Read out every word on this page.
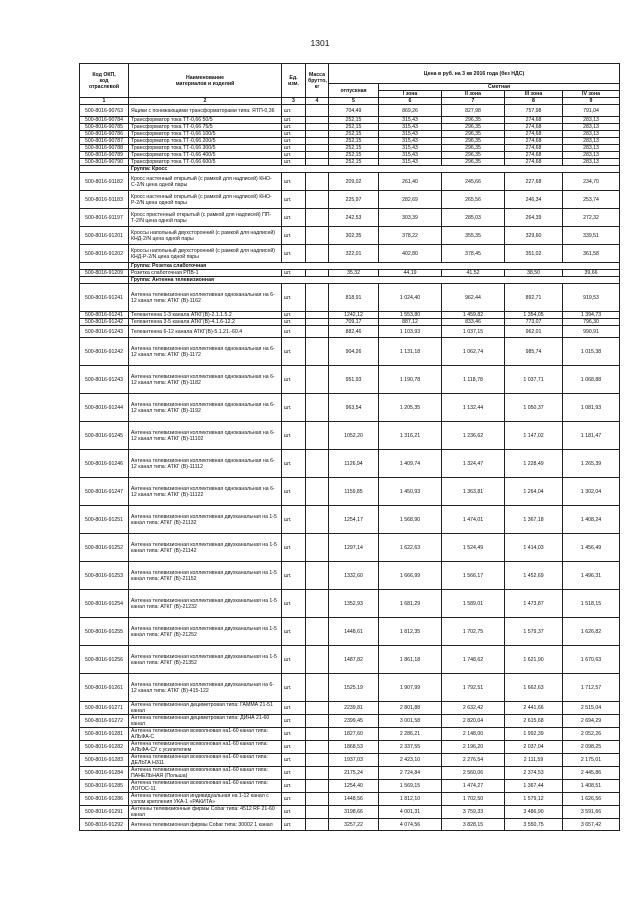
1301
Код ОКП,
код
отраслевой	Наименование
материалов и изделий	Ед.
изм.	Масса
брутто,
кг	Цена в руб. на 3 кв 2016 года (без НДС)				
				отпускная	Сметная			
					I зона	II зона	III зона	IV зона
1	2	3	4	5	6	7	8	9
500-8016-90763	Ящики с понижающими трансформаторами типа: ЯТП-0,36	шт.		704,49	869,26	827,98	757,98	791,04
500-8016-90784	Трансформатор тока ТТ-0,66 50/5	шт.		252,15	315,43	296,35	274,68	283,13
500-8016-90785	Трансформатор тока ТТ-0,66 75/5	шт.		252,15	315,43	296,35	274,68	283,13
500-8016-90786	Трансформатор тока ТТ-0,66 100/5	шт.		252,15	315,43	296,35	274,68	283,13
500-8016-90787	Трансформатор тока ТТ-0,66 200/5	шт.		252,15	315,43	296,35	274,68	283,13
500-8016-90788	Трансформатор тока ТТ-0,66 300/5	шт.		252,15	315,43	296,35	274,68	283,13
500-8016-90789	Трансформатор тока ТТ-0,66 400/5	шт.		252,15	315,43	296,35	274,68	283,13
500-8016-90790	Трансформатор тока ТТ-0,66 600/5	шт.		252,15	315,43	296,35	274,68	283,13
	Группа: Кросс							
500-8016-91182	Кросс настенный открытый (с рамкой для надписей) КНО-С-2/N цена одной пары	шт.		209,02	261,40	245,66	227,68	234,70
500-8016-91183	Кросс настенный открытый (с рамкой для надписей) КНО-Р-2/N цена одной пары	шт.		225,97	282,69	265,56	246,34	253,74
500-8016-91197	Кросс пристенный открытый (с рамкой для надписей) ПП-Т-2/N цена одной пары	шт.		242,53	303,39	285,03	264,39	272,32
500-8016-91201	Кроссы напольный двухсторонний (с рамкой для надписей) КНД-2/N цена одной пары	шт.		302,35	378,22	355,35	329,60	339,51
500-8016-91202	Кроссы напольный двухсторонний (с рамкой для надписей) КНД-Р-2/N цена одной пары	шт.		322,01	402,80	378,45	351,02	361,58
	Группа: Розетка слаботочная							
500-8016-91209	Розетка слаботочная РПВ-1	шт.		35,32	44,19	41,52	38,50	39,66
	Группа: Антенна телевизионная							
500-8016-91241	Антенна телевизионная коллективная одноканальная на 6-12 канал типа: АТКГ (В)-1162	шт.		818,91	1 024,40	962,44	892,71	919,53
500-8016-91241	Телеантенна 1-3 канала АТКГ(В)-2.1.1.5.2	шт.		1242,12	1 553,80	1 459,82	1 354,05	1 394,73
500-8016-91242	Телеантенна 3-5 канала АТКГ(В)-4.1.6-12.2	шт.		709,17	887,12	833,46	773,07	796,30
500-8016-91243	Телеантенна 6-12 канала АТКГ(В)-5.1.21.-60.4	шт.		882,46	1 103,93	1 037,15	962,01	990,91
500-8016-91242	Антенна телевизионная коллективная одноканальная на 6-12 канал типа: АТКГ (В)-1172	шт.		904,26	1 131,18	1 062,74	985,74	1 015,38
500-8016-91243	Антенна телевизионная коллективная одноканальная на 6-12 канал типа: АТКГ (В)-1182	шт.		951,93	1 190,78	1 118,78	1 037,71	1 068,88
500-8016-91244	Антенна телевизионная коллективная одноканальная на 6-12 канал типа: АТКГ (В)-1192	шт.		963,54	1 205,35	1 132,44	1 050,37	1 081,93
500-8016-91245	Антенна телевизионная коллективная одноканальная на 6-12 канал типа: АТКГ (В)-11102	шт.		1052,20	1 316,21	1 236,62	1 147,02	1 181,47
500-8016-91246	Антенна телевизионная коллективная одноканальная на 6-12 канал типа: АТКГ (В)-11112	шт.		1126,94	1 409,74	1 324,47	1 228,49	1 265,39
500-8016-91247	Антенна телевизионная коллективная одноканальная на 6-12 канал типа: АТКГ (В)-11122	шт.		1159,85	1 450,93	1 363,81	1 264,04	1 302,04
500-8016-91251	Антенна телевизионная коллективная двухканальная на 1-5 канал типа: АТКГ (В)-21132	шт.		1254,17	1 568,90	1 474,01	1 367,18	1 408,24
500-8016-91252	Антенна телевизионная коллективная двухканальная на 1-5 канал типа: АТКГ (В)-21142	шт.		1297,14	1 622,63	1 524,49	1 414,03	1 456,49
500-8016-91253	Антенна телевизионная коллективная двухканальная на 1-5 канал типа: АТКГ (В)-21152	шт.		1332,60	1 666,99	1 566,17	1 452,69	1 496,31
500-8016-91254	Антенна телевизионная коллективная двухканальная на 1-5 канал типа: АТКГ (В)-21232	шт.		1352,93	1 681,29	1 589,01	1 473,87	1 518,15
500-8016-91255	Антенна телевизионная коллективная двухканальная на 1-5 канал типа: АТКГ (В)-21252	шт.		1448,61	1 812,35	1 702,75	1 579,37	1 626,82
500-8016-91256	Антенна телевизионная коллективная двухканальная на 1-5 канал типа: АТКГ (В)-21352	шт.		1487,82	1 861,18	1 748,62	1 621,90	1 670,63
500-8016-91261	Антенна телевизионная коллективная двухканальная на 6-12 канал типа: АТКГ (В)-415-122	шт.		1525,19	1 907,99	1 792,51	1 662,63	1 712,57
500-8016-91271	Антенна телевизионная дециметровая типа: ГАММА 21-51 канал	шт.		2239,81	2 801,88	2 632,42	2 441,66	2 515,04
500-8016-91272	Антенна телевизионная дециметровая типа: ДИНА 21-60 канал	шт.		2399,45	3 001,58	2 820,04	2 615,68	2 694,29
500-8016-91281	Антенна телевизионная всеволновая на1-60 канал типа: АЛЬФА-С	шт.		1827,60	2 286,21	2 148,00	1 992,39	2 052,26
500-8016-91282	Антенна телевизионная всеволновая на1-60 канал типа: АЛЬФА-СУ с усилителем	шт.		1868,53	2 337,55	2 196,20	2 037,04	2 098,25
500-8016-91283	Антенна телевизионная всеволновая на1-60 канал типа: ДЕЛЬТА Н311	шт.		1937,03	2 423,10	2 276,54	2 111,59	2 175,01
500-8016-91284	Антенна телевизионная всеволновая на1-60 канал типа: ПАНЕЛЬНАЯ (Польша)	шт.		2175,24	2 724,84	2 560,06	2 374,53	2 445,86
500-8016-91285	Антенна телевизионная всеволновая на1-60 канал типа: ЛОГОС-11	шт.		1254,40	1 569,15	1 474,27	1 367,44	1 408,51
500-8016-91286	Антенна телевизионная индивидуальная на 1-12 канал с узлом крепления УКА-1 «РАКИТА»	шт.		1448,56	1 812,10	1 702,50	1 579,12	1 626,56
500-8016-91291	Антенны телевизионные фирмы Cobar типа: 4512 RF 21-60 канал	шт.		3198,66	4 001,31	3 759,33	3 486,90	3 591,66
500-8016-91292	Антенна телевизионная фирмы Cobar типа: 30002 1 канал	шт.		3257,22	4 074,56	3 828,15	3 550,75	3 657,42
